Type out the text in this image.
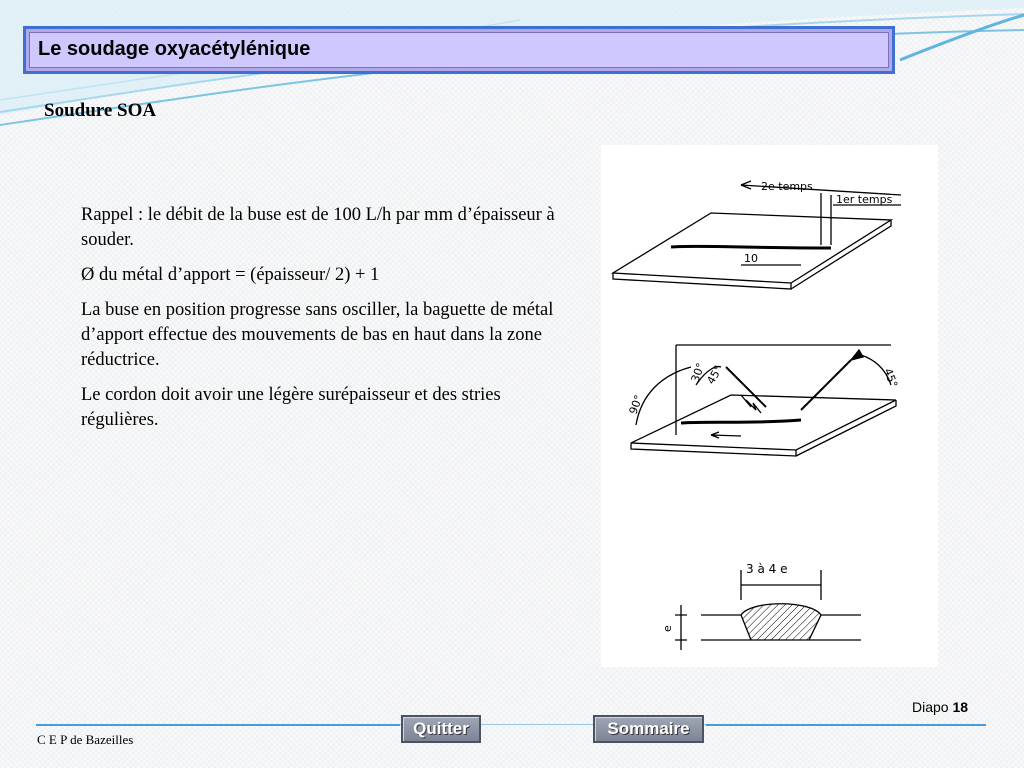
Le soudage oxyacétylénique
Soudure SOA

Rappel : le débit de la buse est de 100 L/h par mm d’épaisseur à souder.

Ø du métal d’apport = (épaisseur/ 2) + 1

La buse en position progresse sans osciller, la baguette de métal d’apport effectue des mouvements de bas en haut dans la zone réductrice.

Le cordon doit avoir une légère surépaisseur et des stries régulières.

2e temps
1er temps
10
90°
30°
45°	45°
3 à 4 e
e
Diapo 18
C E P de Bazeilles
Quitter	Sommaire
